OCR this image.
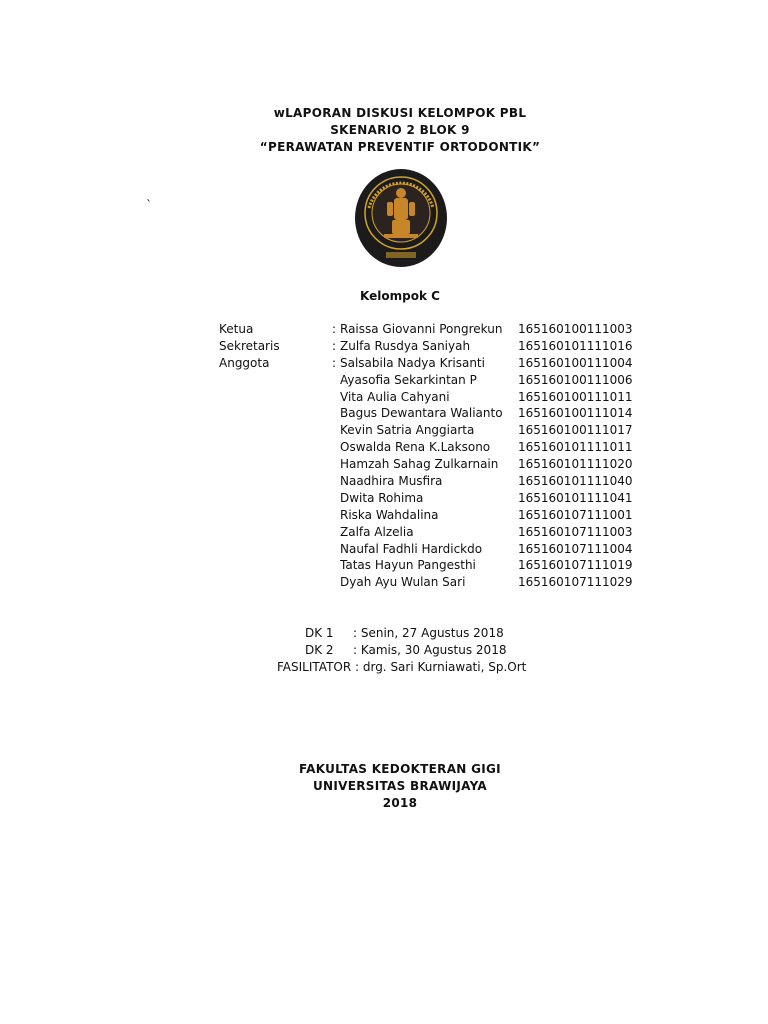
wLAPORAN DISKUSI KELOMPOK PBL
SKENARIO 2 BLOK 9
“PERAWATAN PREVENTIF ORTODONTIK”
`
Kelompok C
Ketua	: Raissa Giovanni Pongrekun 165160100111003
Sekretaris	: Zulfa Rusdya Saniyah	165160101111016
Anggota	: Salsabila Nadya Krisanti	165160100111004
Ayasofia Sekarkintan P	165160100111006
Vita Aulia Cahyani	165160100111011
Bagus Dewantara Walianto 165160100111014
Kevin Satria Anggiarta	165160100111017
Oswalda Rena K.Laksono 165160101111011
Hamzah Sahag Zulkarnain 165160101111020
Naadhira Musfira	165160101111040
Dwita Rohima	165160101111041
Riska Wahdalina	165160107111001
Zalfa Alzelia	165160107111003
Naufal Fadhli Hardickdo	165160107111004
Tatas Hayun Pangesthi	165160107111019
Dyah Ayu Wulan Sari	165160107111029
DK 1 : Senin, 27 Agustus 2018
DK 2 : Kamis, 30 Agustus 2018
FASILITATOR : drg. Sari Kurniawati, Sp.Ort
FAKULTAS KEDOKTERAN GIGI
UNIVERSITAS BRAWIJAYA
2018
